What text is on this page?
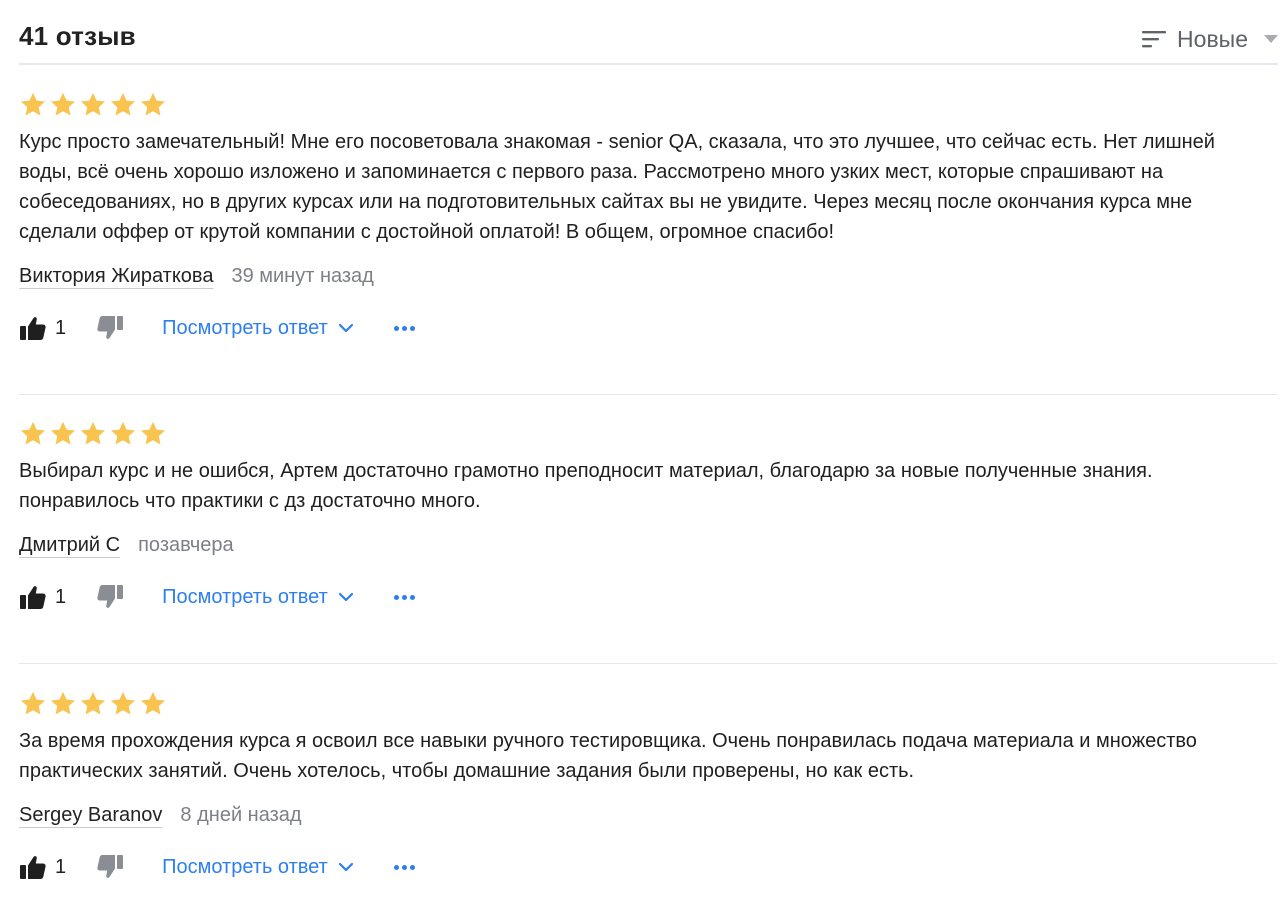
41 отзыв	Новые
Курс просто замечательный! Мне его посоветовала знакомая - senior QA, сказала, что это лучшее, что сейчас есть. Нет лишней воды, всё очень хорошо изложено и запоминается с первого раза. Рассмотрено много узких мест, которые спрашивают на собеседованиях, но в других курсах или на подготовительных сайтах вы не увидите. Через месяц после окончания курса мне сделали оффер от крутой компании с достойной оплатой! В общем, огромное спасибо!
Виктория Жираткова 39 минут назад
1	Посмотреть ответ
Выбирал курс и не ошибся, Артем достаточно грамотно преподносит материал, благодарю за новые полученные знания. понравилось что практики с дз достаточно много.
Дмитрий С позавчера
1	Посмотреть ответ
За время прохождения курса я освоил все навыки ручного тестировщика. Очень понравилась подача материала и множество практических занятий. Очень хотелось, чтобы домашние задания были проверены, но как есть.
Sergey Baranov 8 дней назад
1	Посмотреть ответ
